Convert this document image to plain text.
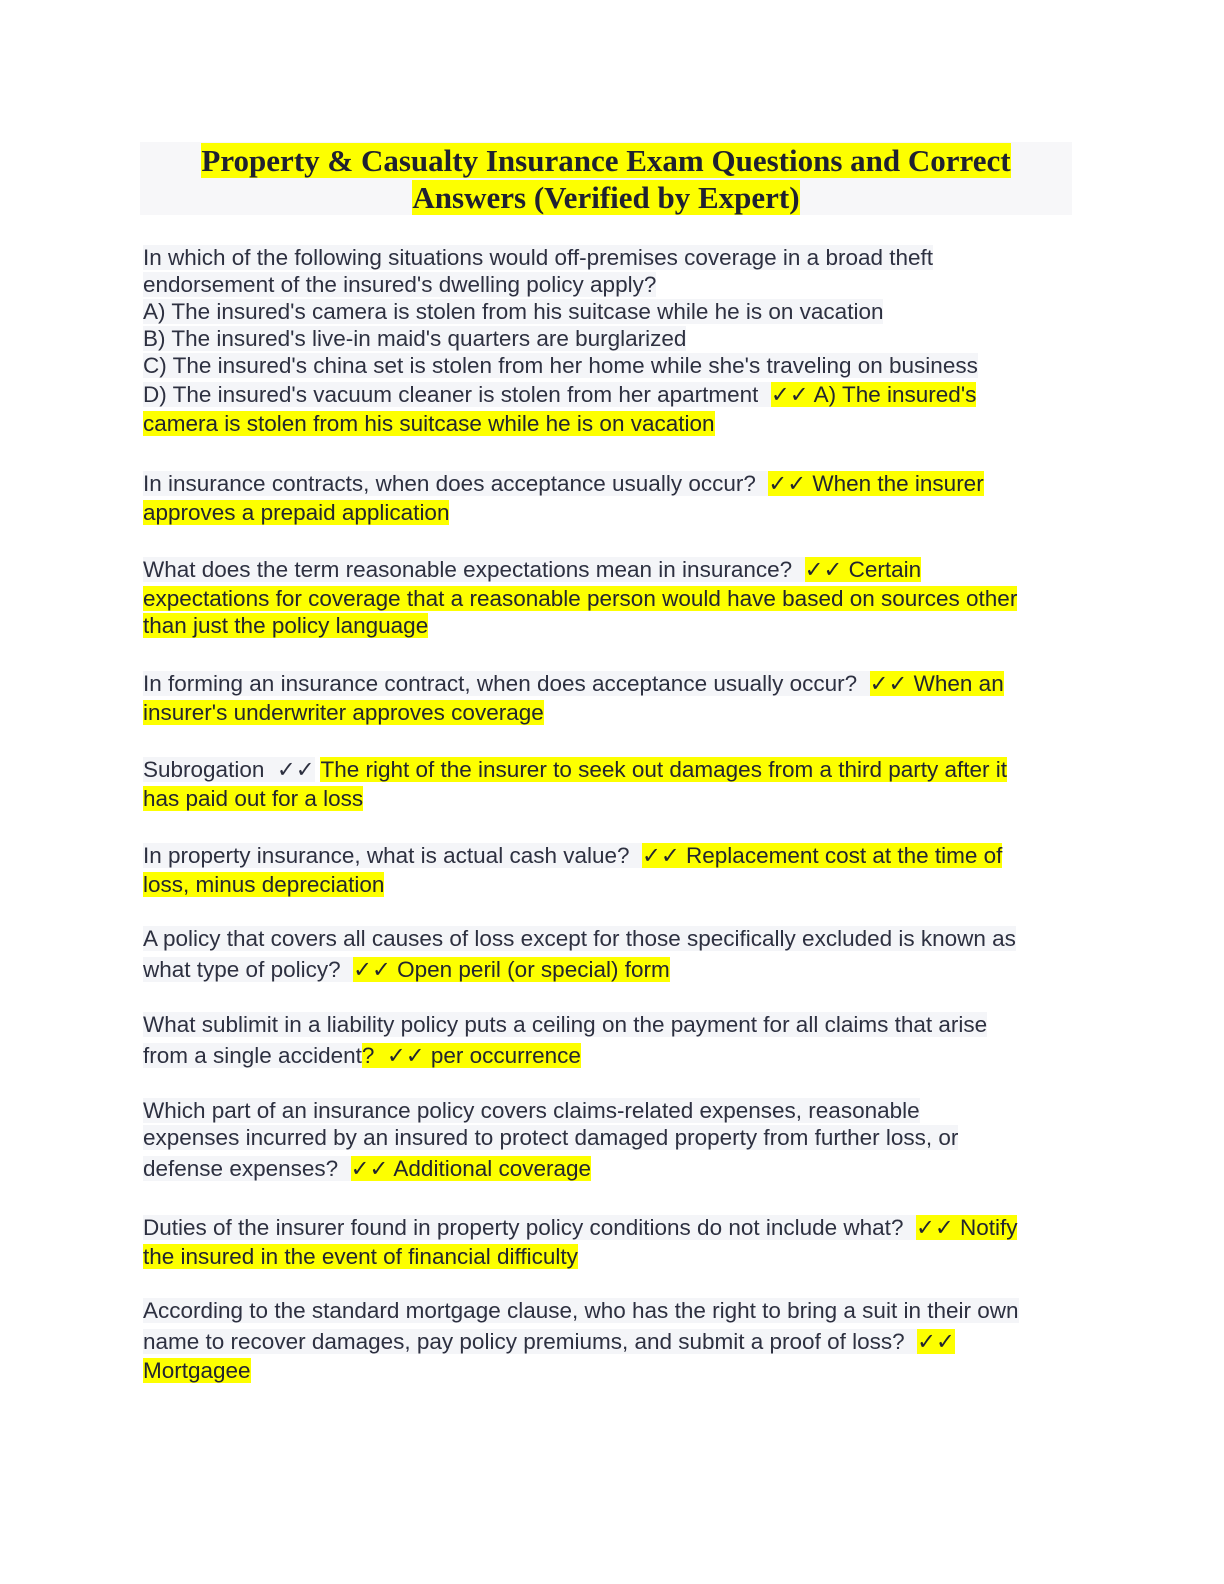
Property & Casualty Insurance Exam Questions and Correct
Answers (Verified by Expert)
In which of the following situations would off-premises coverage in a broad theft
endorsement of the insured's dwelling policy apply?
A) The insured's camera is stolen from his suitcase while he is on vacation
B) The insured's live-in maid's quarters are burglarized
C) The insured's china set is stolen from her home while she's traveling on business
D) The insured's vacuum cleaner is stolen from her apartment ✓✓ A) The insured's
camera is stolen from his suitcase while he is on vacation
In insurance contracts, when does acceptance usually occur? ✓✓ When the insurer
approves a prepaid application
What does the term reasonable expectations mean in insurance? ✓✓ Certain
expectations for coverage that a reasonable person would have based on sources other
than just the policy language
In forming an insurance contract, when does acceptance usually occur? ✓✓ When an
insurer's underwriter approves coverage
Subrogation ✓✓ The right of the insurer to seek out damages from a third party after it
has paid out for a loss
In property insurance, what is actual cash value? ✓✓ Replacement cost at the time of
loss, minus depreciation
A policy that covers all causes of loss except for those specifically excluded is known as
what type of policy? ✓✓ Open peril (or special) form
What sublimit in a liability policy puts a ceiling on the payment for all claims that arise
from a single accident? ✓✓ per occurrence
Which part of an insurance policy covers claims-related expenses, reasonable
expenses incurred by an insured to protect damaged property from further loss, or
defense expenses? ✓✓ Additional coverage
Duties of the insurer found in property policy conditions do not include what? ✓✓ Notify
the insured in the event of financial difficulty
According to the standard mortgage clause, who has the right to bring a suit in their own
name to recover damages, pay policy premiums, and submit a proof of loss? ✓✓
Mortgagee
